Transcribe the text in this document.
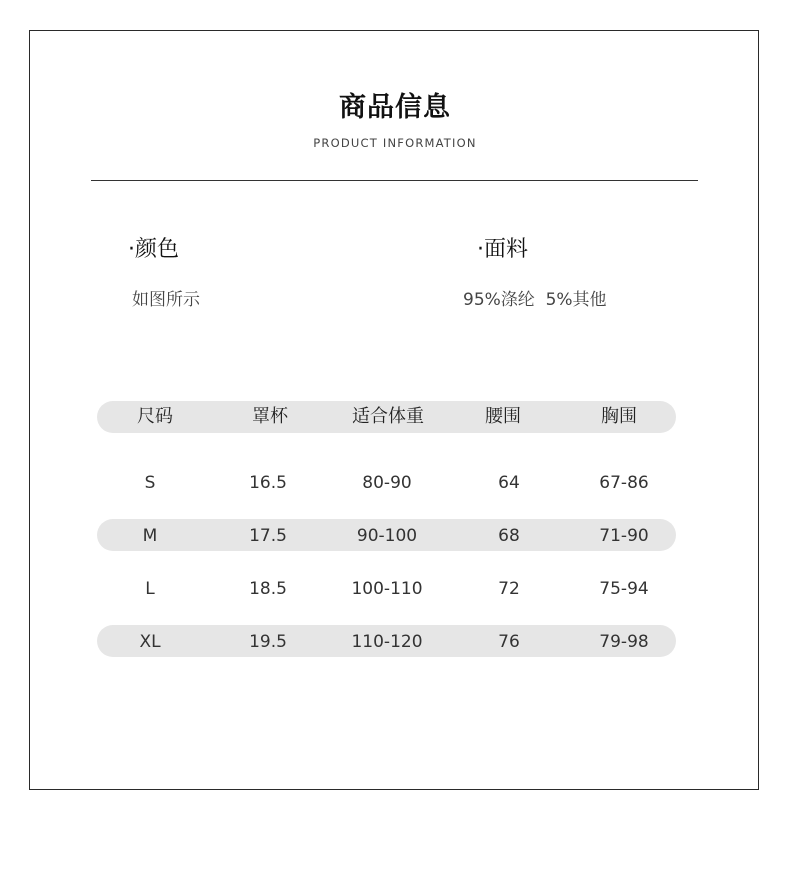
商品信息
PRODUCT INFORMATION
·颜色
如图所示
·面料
95%涤纶  5%其他
尺码	罩杯	适合体重	腰围	胸围
S	16.5	80-90	64	67-86
M	17.5	90-100	68	71-90
L	18.5	100-110	72	75-94
XL	19.5	110-120	76	79-98
